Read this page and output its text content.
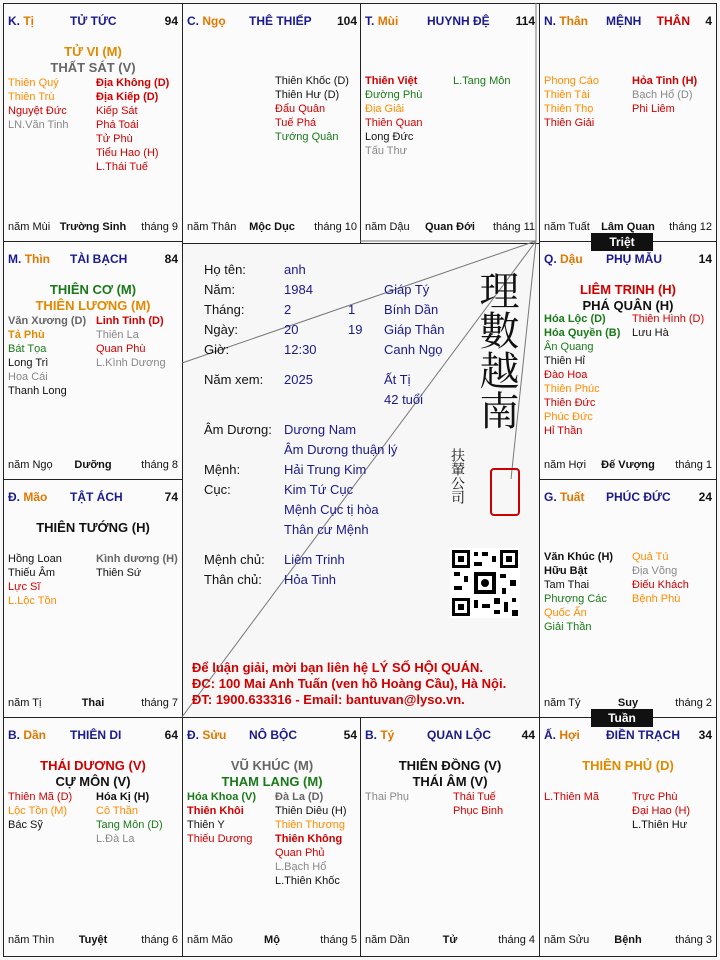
K. Tị	TỬ TỨC	94
TỬ VI (M)
THẤT SÁT (V)
Thiên Quý
Thiên Trù
Nguyệt Đức
LN.Văn Tinh
Địa Không (D)
Địa Kiếp (D)
Kiếp Sát
Phá Toái
Tử Phù
Tiểu Hao (H)
L.Thái Tuế
năm Mùi Trường Sinh	tháng 9
C. Ngọ THÊ THIẾP 104
Thiên Khốc (D)
Thiên Hư (D)
Đẩu Quân
Tuế Phá
Tướng Quân
năm Thân	Mộc Dục	tháng 10
T. Mùi HUYNH ĐỆ 114
Thiên Việt
Đường Phù
Địa Giải
Thiên Quan
Long Đức
Tấu Thư
L.Tang Môn
năm Dậu	Quan Đới	tháng 11
N. Thân MỆNH THÂN 4
Phong Cáo
Thiên Tài
Thiên Thọ
Thiên Giải
Hỏa Tinh (H)
Bạch Hổ (D)
Phi Liêm
năm Tuất	Lâm Quan	tháng 12
M. Thìn TÀI BẠCH	84
THIÊN CƠ (M)
THIÊN LƯƠNG (M)
Văn Xương (D)
Tả Phù
Bát Tọa
Long Trì
Hoa Cái
Thanh Long
Linh Tinh (D)
Thiên La
Quan Phù
L.Kình Dương
năm Ngọ	Dưỡng	tháng 8
Q. Dậu PHỤ MẪU	14
LIÊM TRINH (H)
PHÁ QUÂN (H)
Hóa Lộc (D)
Hóa Quyền (B)
Ân Quang
Thiên Hỉ
Đào Hoa
Thiên Phúc
Thiên Đức
Phúc Đức
Hỉ Thần
Thiên Hình (D)
Lưu Hà
năm Hợi	Đế Vượng	tháng 1
Đ. Mão TẬT ÁCH	74
THIÊN TƯỚNG (H)
Hồng Loan
Thiếu Âm
Lực Sĩ
L.Lộc Tồn
Kình dương (H)
Thiên Sứ
năm Tị	Thai	tháng 7
G. Tuất PHÚC ĐỨC 24
Văn Khúc (H)
Hữu Bật
Tam Thai
Phượng Các
Quốc Ấn
Giải Thần
Quả Tú
Địa Võng
Điếu Khách
Bệnh Phù
năm Tý	Suy	tháng 2
B. Dần THIÊN DI	64
THÁI DƯƠNG (V)
CỰ MÔN (V)
Thiên Mã (D)
Lộc Tồn (M)
Bác Sỹ
Hóa Kị (H)
Cô Thần
Tang Môn (D)
L.Đà La
năm Thìn	Tuyệt	tháng 6
Đ. Sửu NÔ BỘC	54
VŨ KHÚC (M)
THAM LANG (M)
Hóa Khoa (V)
Thiên Khôi
Thiên Y
Thiếu Dương
Đà La (D)
Thiên Diêu (H)
Thiên Thương
Thiên Không
Quan Phủ
L.Bạch Hổ
L.Thiên Khốc
năm Mão	Mộ	tháng 5
B. Tý	QUAN LỘC	44
THIÊN ĐỒNG (V)
THÁI ÂM (V)
Thai Phụ	Thái Tuế
Phục Binh
năm Dần	Tử	tháng 4
Ấ. Hợi ĐIỀN TRẠCH 34
THIÊN PHỦ (D)
L.Thiên Mã	Trực Phù
Đại Hao (H)
L.Thiên Hư
năm Sửu	Bệnh	tháng 3
Họ tên:	anh
Năm:	1984	Giáp Tý
Tháng:	2	1 Bính Dần
Ngày:	20	19 Giáp Thân
Giờ:	12:30	Canh Ngọ
Năm xem: 2025	Ất Tị
42 tuổi
Âm Dương: Dương Nam
Âm Dương thuận lý
Mệnh:	Hải Trung Kim
Cục:	Kim Tứ Cục
Mệnh Cục tị hòa
Thân cư Mệnh
Mệnh chủ: Liêm Trinh
Thân chủ: Hỏa Tinh
理數越南
扶輦公司
Để luận giải, mời bạn liên hệ LÝ SỐ HỘI QUÁN.
ĐC: 100 Mai Anh Tuấn (ven hồ Hoàng Cầu), Hà Nội.
ĐT: 1900.633316 - Email: bantuvan@lyso.vn.
Triệt
Tuần
